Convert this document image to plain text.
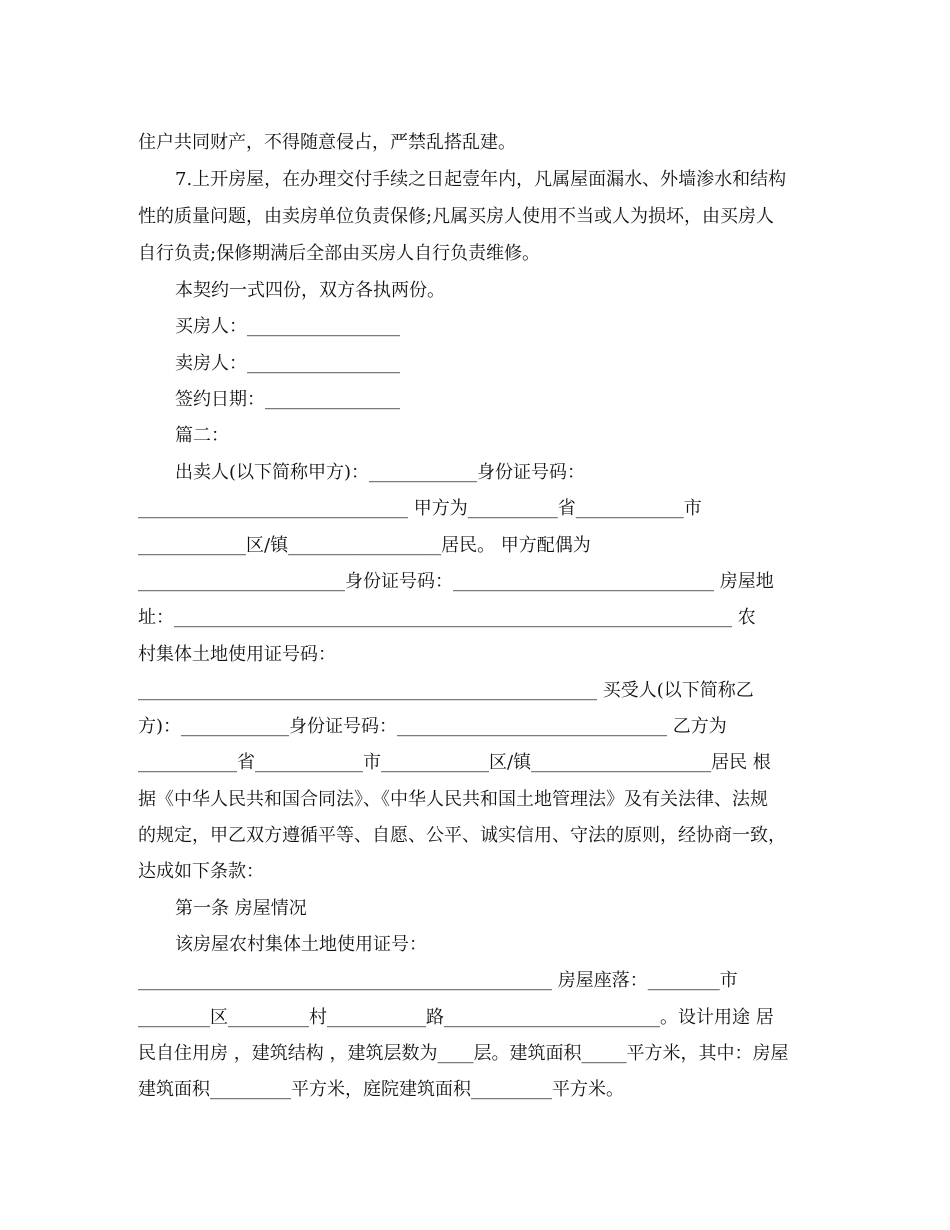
住户共同财产，不得随意侵占，严禁乱搭乱建。
7.上开房屋，在办理交付手续之日起壹年内，凡属屋面漏水、外墙渗水和结构
性的质量问题，由卖房单位负责保修;凡属买房人使用不当或人为损坏，由买房人
自行负责;保修期满后全部由买房人自行负责维修。
本契约一式四份，双方各执两份。
买房人：_________________
卖房人：_________________
签约日期：_______________
篇二：
出卖人(以下简称甲方)：____________身份证号码：
______________________________ 甲方为__________省____________市
____________区/镇_________________居民。 甲方配偶为
_______________________身份证号码：_____________________________ 房屋地
址：______________________________________________________________ 农
村集体土地使用证号码：
___________________________________________________ 买受人(以下简称乙
方)：____________身份证号码：______________________________ 乙方为
___________省____________市____________区/镇____________________居民 根
据《中华人民共和国合同法》、《中华人民共和国土地管理法》及有关法律、法规
的规定，甲乙双方遵循平等、自愿、公平、诚实信用、守法的原则，经协商一致，
达成如下条款：
第一条 房屋情况
该房屋农村集体土地使用证号：
______________________________________________ 房屋座落：________市
________区_________村___________路________________________。设计用途 居
民自住用房 ，建筑结构 ，建筑层数为____层。建筑面积_____平方米，其中：房屋
建筑面积_________平方米，庭院建筑面积_________平方米。
